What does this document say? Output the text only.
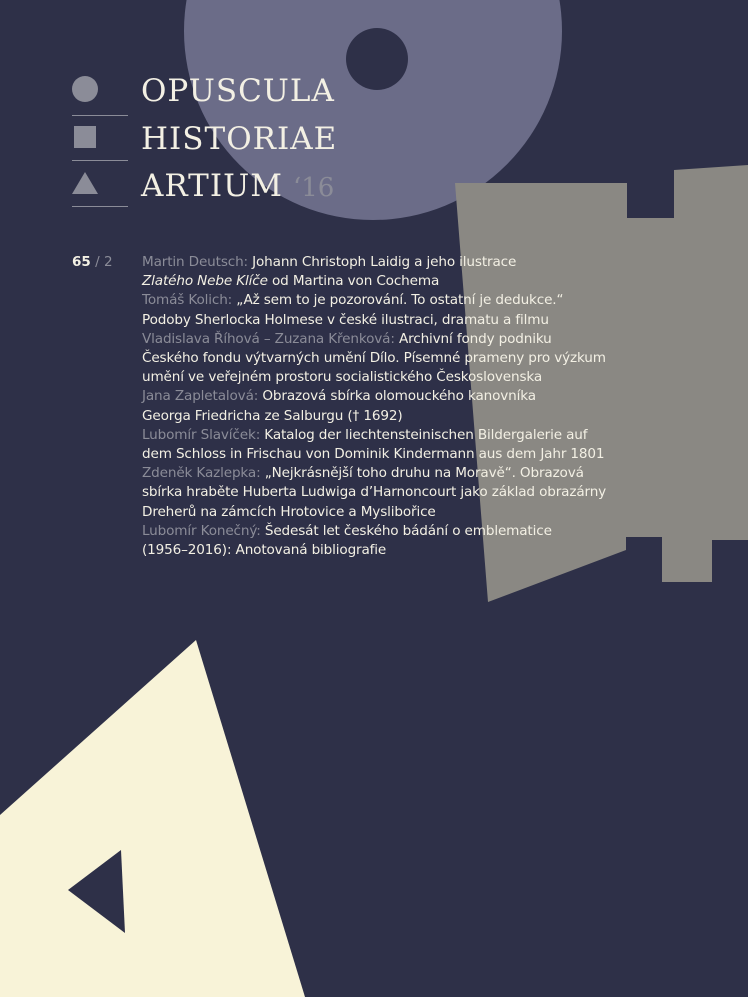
OPUSCULA
HISTORIAE
ARTIUM ‘16
65 / 2 Martin Deutsch: Johann Christoph Laidig a jeho ilustrace
Zlatého Nebe Klíče od Martina von Cochema
Tomáš Kolich: „Až sem to je pozorování. To ostatní je dedukce.“
Podoby Sherlocka Holmese v české ilustraci, dramatu a filmu
Vladislava Říhová – Zuzana Křenková: Archivní fondy podniku
Českého fondu výtvarných umění Dílo. Písemné prameny pro výzkum
umění ve veřejném prostoru socialistického Československa
Jana Zapletalová: Obrazová sbírka olomouckého kanovníka
Georga Friedricha ze Salburgu († 1692)
Lubomír Slavíček: Katalog der liechtensteinischen Bildergalerie auf
dem Schloss in Frischau von Dominik Kindermann aus dem Jahr 1801
Zdeněk Kazlepka: „Nejkrásnější toho druhu na Moravě“. Obrazová
sbírka hraběte Huberta Ludwiga d’Harnoncourt jako základ obrazárny
Dreherů na zámcích Hrotovice a Myslibořice
Lubomír Konečný: Šedesát let českého bádání o emblematice
(1956–2016): Anotovaná bibliografie
